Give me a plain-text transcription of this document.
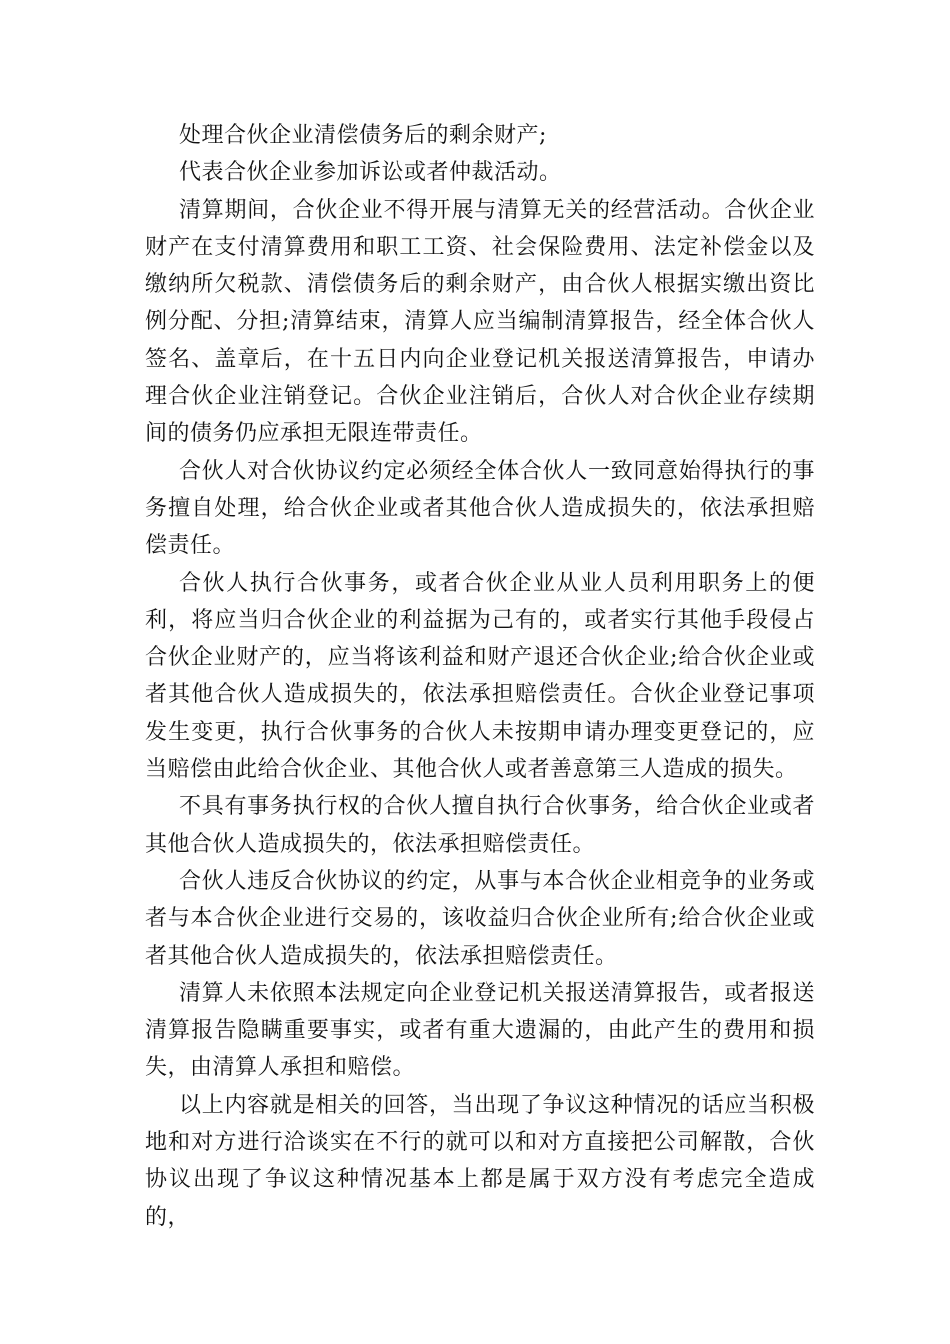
处理合伙企业清偿债务后的剩余财产;

代表合伙企业参加诉讼或者仲裁活动。

清算期间，合伙企业不得开展与清算无关的经营活动。合伙企业财产在支付清算费用和职工工资、社会保险费用、法定补偿金以及缴纳所欠税款、清偿债务后的剩余财产，由合伙人根据实缴出资比例分配、分担;清算结束，清算人应当编制清算报告，经全体合伙人签名、盖章后，在十五日内向企业登记机关报送清算报告，申请办理合伙企业注销登记。合伙企业注销后，合伙人对合伙企业存续期间的债务仍应承担无限连带责任。

合伙人对合伙协议约定必须经全体合伙人一致同意始得执行的事务擅自处理，给合伙企业或者其他合伙人造成损失的，依法承担赔偿责任。

合伙人执行合伙事务，或者合伙企业从业人员利用职务上的便利，将应当归合伙企业的利益据为己有的，或者实行其他手段侵占合伙企业财产的，应当将该利益和财产退还合伙企业;给合伙企业或者其他合伙人造成损失的，依法承担赔偿责任。合伙企业登记事项发生变更，执行合伙事务的合伙人未按期申请办理变更登记的，应当赔偿由此给合伙企业、其他合伙人或者善意第三人造成的损失。

不具有事务执行权的合伙人擅自执行合伙事务，给合伙企业或者其他合伙人造成损失的，依法承担赔偿责任。

合伙人违反合伙协议的约定，从事与本合伙企业相竞争的业务或者与本合伙企业进行交易的，该收益归合伙企业所有;给合伙企业或者其他合伙人造成损失的，依法承担赔偿责任。

清算人未依照本法规定向企业登记机关报送清算报告，或者报送清算报告隐瞒重要事实，或者有重大遗漏的，由此产生的费用和损失，由清算人承担和赔偿。

以上内容就是相关的回答，当出现了争议这种情况的话应当积极地和对方进行洽谈实在不行的就可以和对方直接把公司解散，合伙协议出现了争议这种情况基本上都是属于双方没有考虑完全造成的，
